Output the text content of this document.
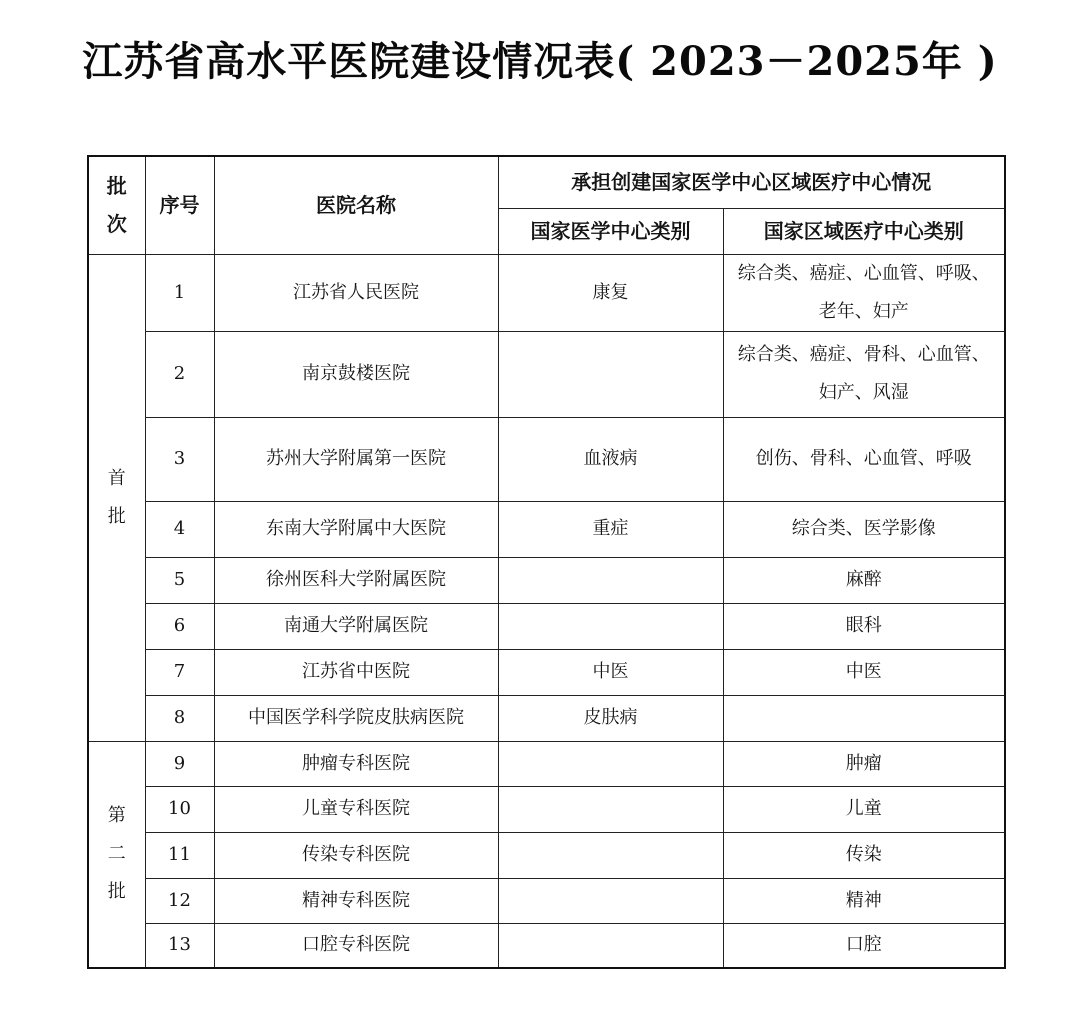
江苏省高水平医院建设情况表( 2023－2025年 )
批次	序号	医院名称	承担创建国家医学中心区域医疗中心情况	
			国家医学中心类别	国家区域医疗中心类别

首
批	1	江苏省人民医院	康复	综合类、癌症、心血管、呼吸、老年、妇产
	2	南京鼓楼医院		综合类、癌症、骨科、心血管、妇产、风湿
	3	苏州大学附属第一医院	血液病	创伤、骨科、心血管、呼吸
	4	东南大学附属中大医院	重症	综合类、医学影像
	5	徐州医科大学附属医院		麻醉
	6	南通大学附属医院		眼科
	7	江苏省中医院	中医	中医
	8	中国医学科学院皮肤病医院	皮肤病	

第
二
批	9	肿瘤专科医院		肿瘤
	10	儿童专科医院		儿童
	11	传染专科医院		传染
	12	精神专科医院		精神
	13	口腔专科医院		口腔
